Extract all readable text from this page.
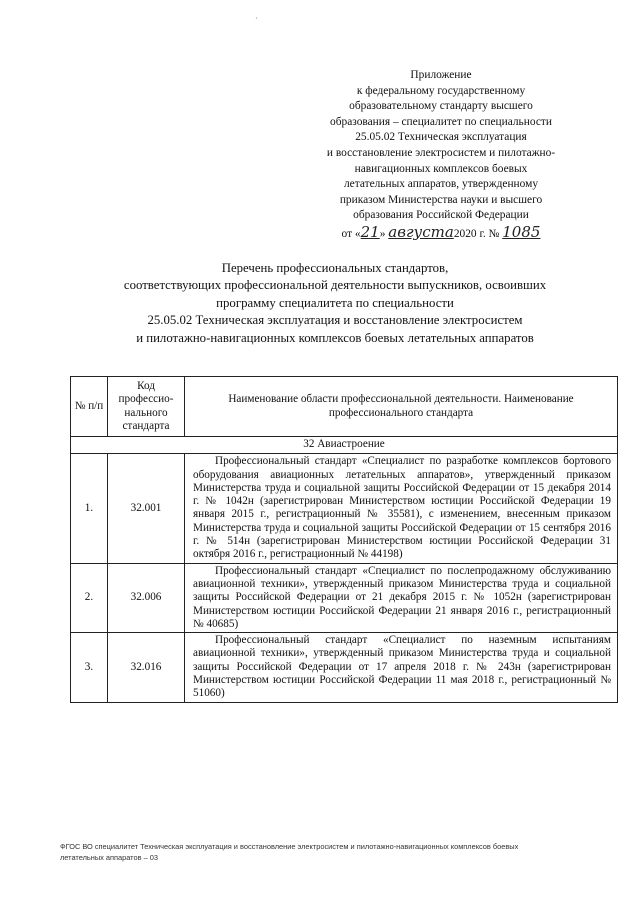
·
Приложение
к федеральному государственному
образовательному стандарту высшего
образования – специалитет по специальности
25.05.02 Техническая эксплуатация
и восстановление электросистем и пилотажно-
навигационных комплексов боевых
летательных аппаратов, утвержденному
приказом Министерства науки и высшего
образования Российской Федерации
от «21» августа2020 г. № 1085
Перечень профессиональных стандартов,
соответствующих профессиональной деятельности выпускников, освоивших
программу специалитета по специальности
25.05.02 Техническая эксплуатация и восстановление электросистем
и пилотажно-навигационных комплексов боевых летательных аппаратов
№ п/п	Код профессио-нального стандарта	Наименование области профессиональной деятельности. Наименование профессионального стандарта
32 Авиастроение		
1.	32.001	Профессиональный стандарт «Специалист по разработке комплексов бортового оборудования авиационных летательных аппаратов», утвержденный приказом Министерства труда и социальной защиты Российской Федерации от 15 декабря 2014 г. № 1042н (зарегистрирован Министерством юстиции Российской Федерации 19 января 2015 г., регистрационный № 35581), с изменением, внесенным приказом Министерства труда и социальной защиты Российской Федерации от 15 сентября 2016 г. № 514н (зарегистрирован Министерством юстиции Российской Федерации 31 октября 2016 г., регистрационный № 44198)

2.	32.006	Профессиональный стандарт «Специалист по послепродажному обслуживанию авиационной техники», утвержденный приказом Министерства труда и социальной защиты Российской Федерации от 21 декабря 2015 г. № 1052н (зарегистрирован Министерством юстиции Российской Федерации 21 января 2016 г., регистрационный № 40685)

3.	32.016	Профессиональный стандарт «Специалист по наземным испытаниям авиационной техники», утвержденный приказом Министерства труда и социальной защиты Российской Федерации от 17 апреля 2018 г. № 243н (зарегистрирован Министерством юстиции Российской Федерации 11 мая 2018 г., регистрационный № 51060)
ФГОС ВО специалитет Техническая эксплуатация и восстановление электросистем и пилотажно-навигационных комплексов боевых
летательных аппаратов – 03
